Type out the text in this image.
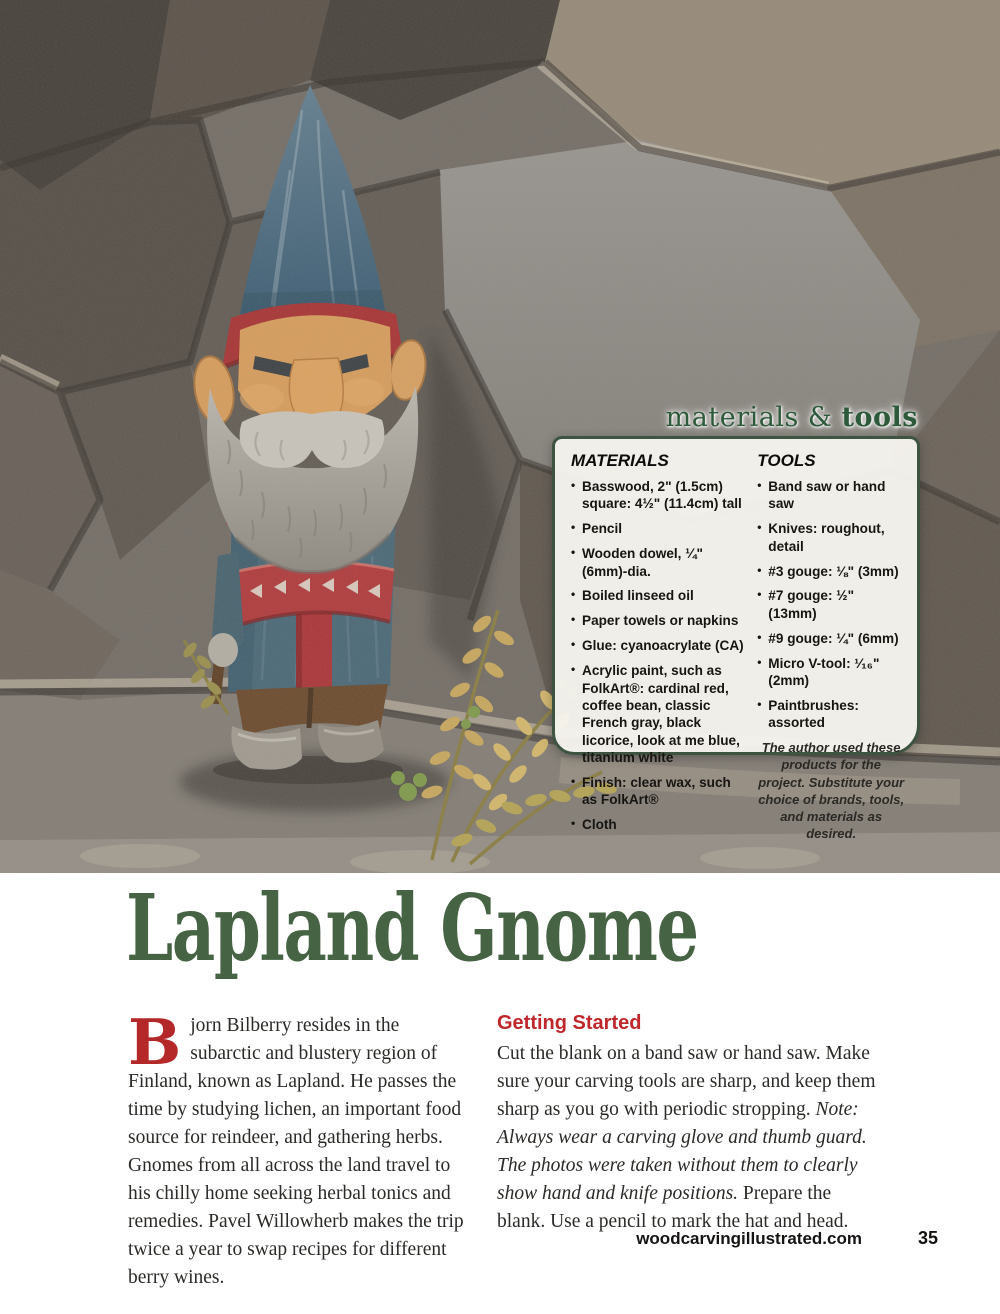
materials & tools
MATERIALS
• Basswood, 2" (1.5cm) square: 4½" (11.4cm) tall
• Pencil
• Wooden dowel, ¼" (6mm)-dia.
• Boiled linseed oil
• Paper towels or napkins
• Glue: cyanoacrylate (CA)
• Acrylic paint, such as FolkArt®: cardinal red, coffee bean, classic French gray, black licorice, look at me blue, titanium white
• Finish: clear wax, such as FolkArt®
• Cloth
TOOLS
• Band saw or hand saw
• Knives: roughout, detail
• #3 gouge: ⅛" (3mm)
• #7 gouge: ½" (13mm)
• #9 gouge: ¼" (6mm)
• Micro V-tool: ¹⁄₁₆" (2mm)
• Paintbrushes: assorted
The author used these products for the project. Substitute your choice of brands, tools, and materials as desired.
Lapland Gnome

Bjorn Bilberry resides in the subarctic and blustery region of Finland, known as Lapland. He passes the time by studying lichen, an important food source for reindeer, and gathering herbs. Gnomes from all across the land travel to his chilly home seeking herbal tonics and remedies. Pavel Willowherb makes the trip twice a year to swap recipes for different berry wines.

Getting Started

Cut the blank on a band saw or hand saw. Make sure your carving tools are sharp, and keep them sharp as you go with periodic stropping. Note: Always wear a carving glove and thumb guard. The photos were taken without them to clearly show hand and knife positions. Prepare the blank. Use a pencil to mark the hat and head.

woodcarvingillustrated.com	35
